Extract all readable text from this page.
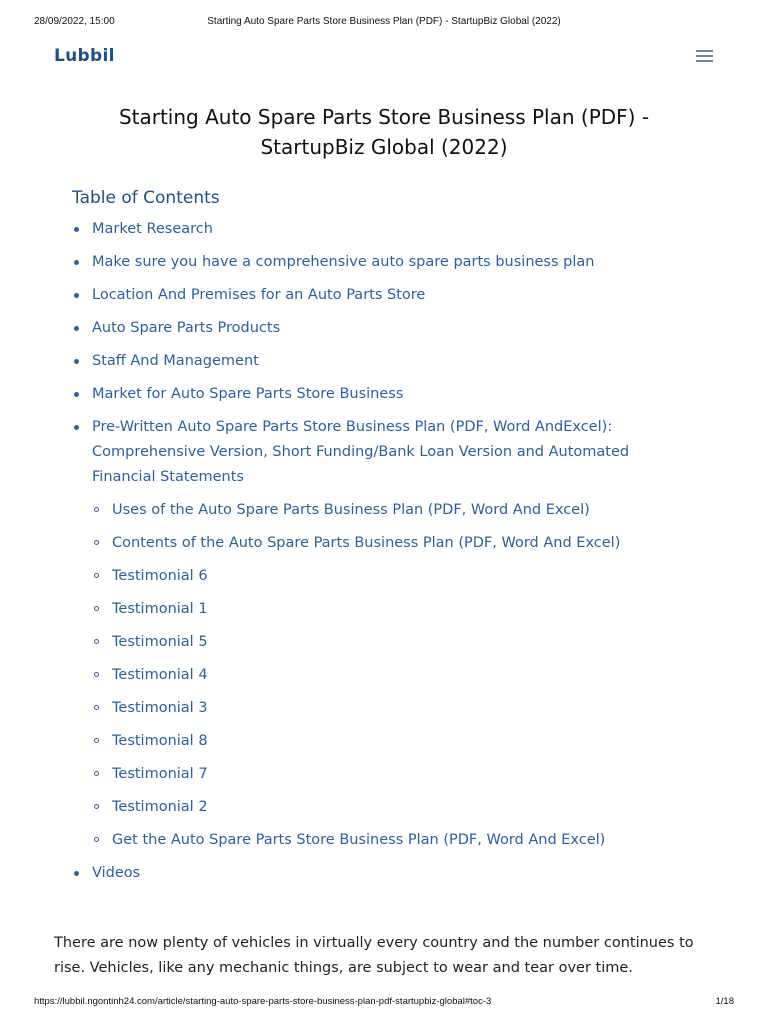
28/09/2022, 15:00	Starting Auto Spare Parts Store Business Plan (PDF) - StartupBiz Global (2022)
Lubbil
Starting Auto Spare Parts Store Business Plan (PDF) - StartupBiz Global (2022)
Table of Contents
Market Research
Make sure you have a comprehensive auto spare parts business plan
Location And Premises for an Auto Parts Store
Auto Spare Parts Products
Staff And Management
Market for Auto Spare Parts Store Business
Pre-Written Auto Spare Parts Store Business Plan (PDF, Word AndExcel): Comprehensive Version, Short Funding/Bank Loan Version and Automated Financial Statements
Uses of the Auto Spare Parts Business Plan (PDF, Word And Excel)
Contents of the Auto Spare Parts Business Plan (PDF, Word And Excel)
Testimonial 6
Testimonial 1
Testimonial 5
Testimonial 4
Testimonial 3
Testimonial 8
Testimonial 7
Testimonial 2
Get the Auto Spare Parts Store Business Plan (PDF, Word And Excel)
Videos

There are now plenty of vehicles in virtually every country and the number continues to rise. Vehicles, like any mechanic things, are subject to wear and tear over time.

https://lubbil.ngontinh24.com/article/starting-auto-spare-parts-store-business-plan-pdf-startupbiz-global#toc-3	1/18
